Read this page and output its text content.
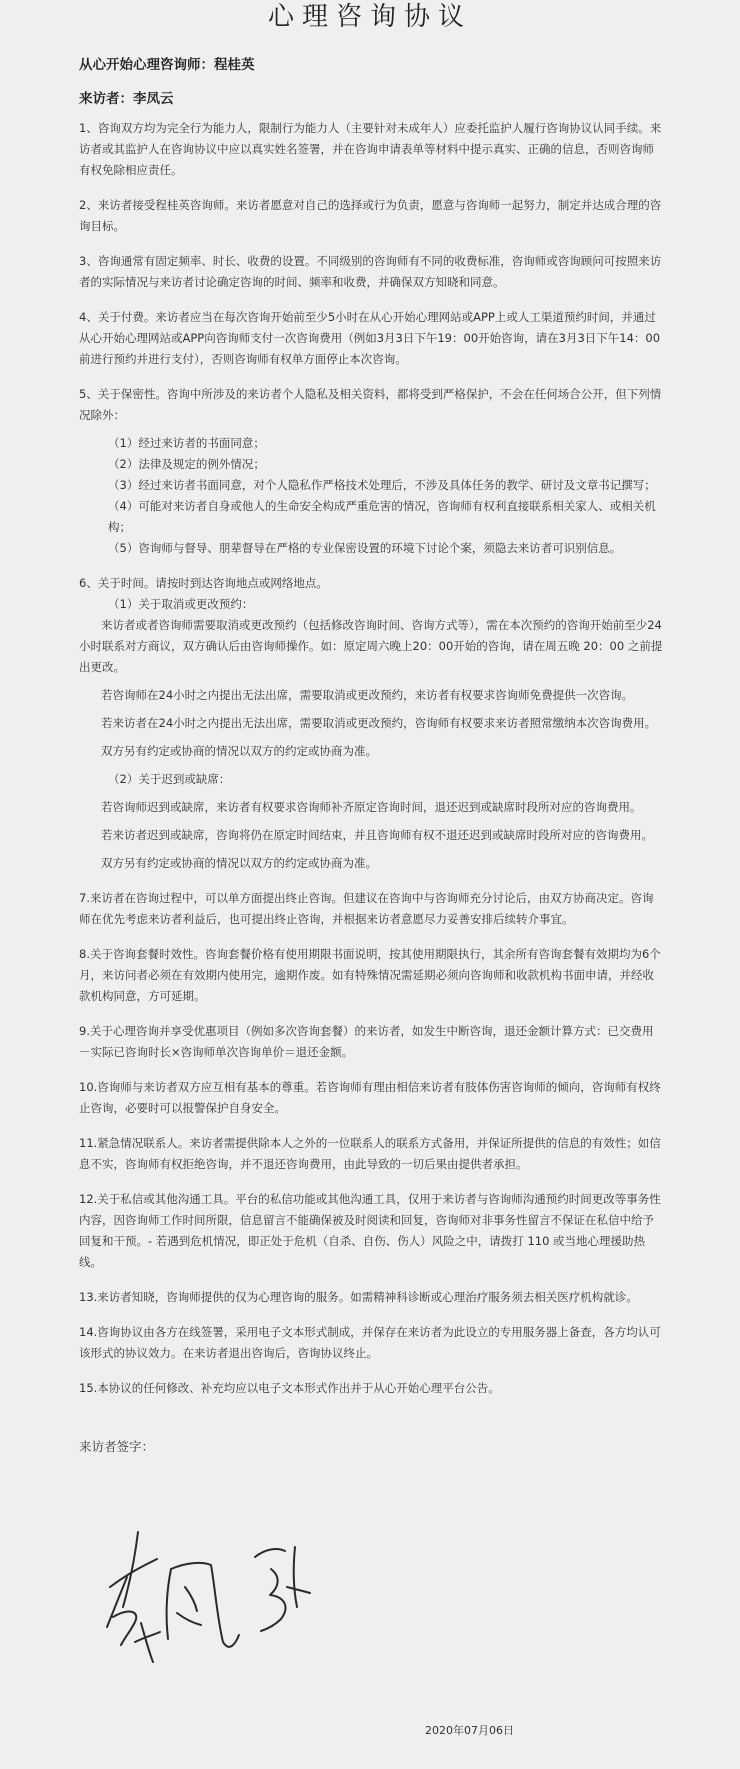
心理咨询协议
从心开始心理咨询师：程桂英
来访者：李凤云

1、咨询双方均为完全行为能力人，限制行为能力人（主要针对未成年人）应委托监护人履行咨询协议认同手续。来访者或其监护人在咨询协议中应以真实姓名签署，并在咨询申请表单等材料中提示真实、正确的信息，否则咨询师有权免除相应责任。

2、来访者接受程桂英咨询师。来访者愿意对自己的选择或行为负责，愿意与咨询师一起努力，制定并达成合理的咨询目标。

3、咨询通常有固定频率、时长、收费的设置。不同级别的咨询师有不同的收费标准，咨询师或咨询顾问可按照来访者的实际情况与来访者讨论确定咨询的时间、频率和收费，并确保双方知晓和同意。

4、关于付费。来访者应当在每次咨询开始前至少5小时在从心开始心理网站或APP上或人工渠道预约时间，并通过从心开始心理网站或APP向咨询师支付一次咨询费用（例如3月3日下午19：00开始咨询，请在3月3日下午14：00前进行预约并进行支付），否则咨询师有权单方面停止本次咨询。

5、关于保密性。咨询中所涉及的来访者个人隐私及相关资料，都将受到严格保护，不会在任何场合公开，但下列情况除外：

（1）经过来访者的书面同意；

（2）法律及规定的例外情况；

（3）经过来访者书面同意，对个人隐私作严格技术处理后，不涉及具体任务的教学、研讨及文章书记撰写；

（4）可能对来访者自身或他人的生命安全构成严重危害的情况，咨询师有权利直接联系相关家人、或相关机构；

（5）咨询师与督导、朋辈督导在严格的专业保密设置的环境下讨论个案，须隐去来访者可识别信息。

6、关于时间。请按时到达咨询地点或网络地点。

（1）关于取消或更改预约：

来访者或者咨询师需要取消或更改预约（包括修改咨询时间、咨询方式等），需在本次预约的咨询开始前至少24小时联系对方商议，双方确认后由咨询师操作。如：原定周六晚上20：00开始的咨询，请在周五晚 20：00 之前提出更改。

若咨询师在24小时之内提出无法出席，需要取消或更改预约，来访者有权要求咨询师免费提供一次咨询。

若来访者在24小时之内提出无法出席，需要取消或更改预约，咨询师有权要求来访者照常缴纳本次咨询费用。

双方另有约定或协商的情况以双方的约定或协商为准。

（2）关于迟到或缺席：

若咨询师迟到或缺席，来访者有权要求咨询师补齐原定咨询时间，退还迟到或缺席时段所对应的咨询费用。

若来访者迟到或缺席，咨询将仍在原定时间结束，并且咨询师有权不退还迟到或缺席时段所对应的咨询费用。

双方另有约定或协商的情况以双方的约定或协商为准。

7.来访者在咨询过程中，可以单方面提出终止咨询。但建议在咨询中与咨询师充分讨论后，由双方协商决定。咨询师在优先考虑来访者利益后，也可提出终止咨询，并根据来访者意愿尽力妥善安排后续转介事宜。

8.关于咨询套餐时效性。咨询套餐价格有使用期限书面说明，按其使用期限执行，其余所有咨询套餐有效期均为6个月，来访问者必须在有效期内使用完，逾期作废。如有特殊情况需延期必须向咨询师和收款机构书面申请，并经收款机构同意，方可延期。

9.关于心理咨询并享受优惠项目（例如多次咨询套餐）的来访者，如发生中断咨询，退还金额计算方式：已交费用－实际已咨询时长×咨询师单次咨询单价＝退还金额。

10.咨询师与来访者双方应互相有基本的尊重。若咨询师有理由相信来访者有肢体伤害咨询师的倾向，咨询师有权终止咨询，必要时可以报警保护自身安全。

11.紧急情况联系人。来访者需提供除本人之外的一位联系人的联系方式备用，并保证所提供的信息的有效性；如信息不实，咨询师有权拒绝咨询，并不退还咨询费用，由此导致的一切后果由提供者承担。

12.关于私信或其他沟通工具。平台的私信功能或其他沟通工具，仅用于来访者与咨询师沟通预约时间更改等事务性内容，因咨询师工作时间所限，信息留言不能确保被及时阅读和回复，咨询师对非事务性留言不保证在私信中给予回复和干预。- 若遇到危机情况，即正处于危机（自杀、自伤、伤人）风险之中，请拨打 110 或当地心理援助热线。

13.来访者知晓，咨询师提供的仅为心理咨询的服务。如需精神科诊断或心理治疗服务须去相关医疗机构就诊。

14.咨询协议由各方在线签署，采用电子文本形式制成，并保存在来访者为此设立的专用服务器上备查，各方均认可该形式的协议效力。在来访者退出咨询后，咨询协议终止。

15.本协议的任何修改、补充均应以电子文本形式作出并于从心开始心理平台公告。

来访者签字：
2020年07月06日
